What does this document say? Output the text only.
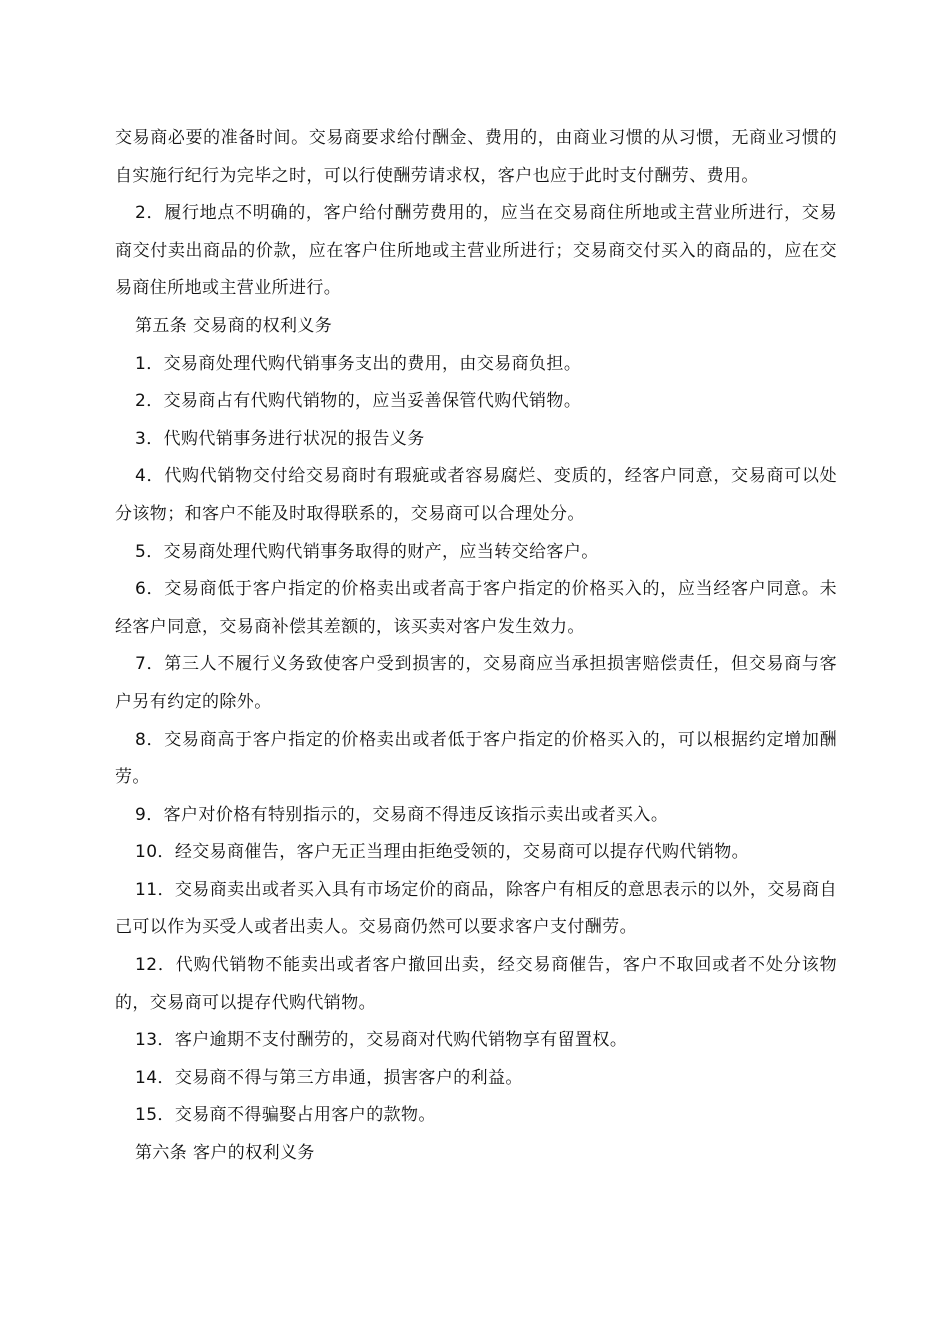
交易商必要的准备时间。交易商要求给付酬金、费用的，由商业习惯的从习惯，无商业习惯的自实施行纪行为完毕之时，可以行使酬劳请求权，客户也应于此时支付酬劳、费用。

2．履行地点不明确的，客户给付酬劳费用的，应当在交易商住所地或主营业所进行，交易商交付卖出商品的价款，应在客户住所地或主营业所进行；交易商交付买入的商品的，应在交易商住所地或主营业所进行。

第五条 交易商的权利义务

1．交易商处理代购代销事务支出的费用，由交易商负担。

2．交易商占有代购代销物的，应当妥善保管代购代销物。

3．代购代销事务进行状况的报告义务

4．代购代销物交付给交易商时有瑕疵或者容易腐烂、变质的，经客户同意，交易商可以处分该物；和客户不能及时取得联系的，交易商可以合理处分。

5．交易商处理代购代销事务取得的财产，应当转交给客户。

6．交易商低于客户指定的价格卖出或者高于客户指定的价格买入的，应当经客户同意。未经客户同意，交易商补偿其差额的，该买卖对客户发生效力。

7．第三人不履行义务致使客户受到损害的，交易商应当承担损害赔偿责任，但交易商与客户另有约定的除外。

8．交易商高于客户指定的价格卖出或者低于客户指定的价格买入的，可以根据约定增加酬劳。

9．客户对价格有特别指示的，交易商不得违反该指示卖出或者买入。

10．经交易商催告，客户无正当理由拒绝受领的，交易商可以提存代购代销物。

11．交易商卖出或者买入具有市场定价的商品，除客户有相反的意思表示的以外，交易商自己可以作为买受人或者出卖人。交易商仍然可以要求客户支付酬劳。

12．代购代销物不能卖出或者客户撤回出卖，经交易商催告，客户不取回或者不处分该物的，交易商可以提存代购代销物。

13．客户逾期不支付酬劳的，交易商对代购代销物享有留置权。

14．交易商不得与第三方串通，损害客户的利益。

15．交易商不得骗娶占用客户的款物。

第六条 客户的权利义务
